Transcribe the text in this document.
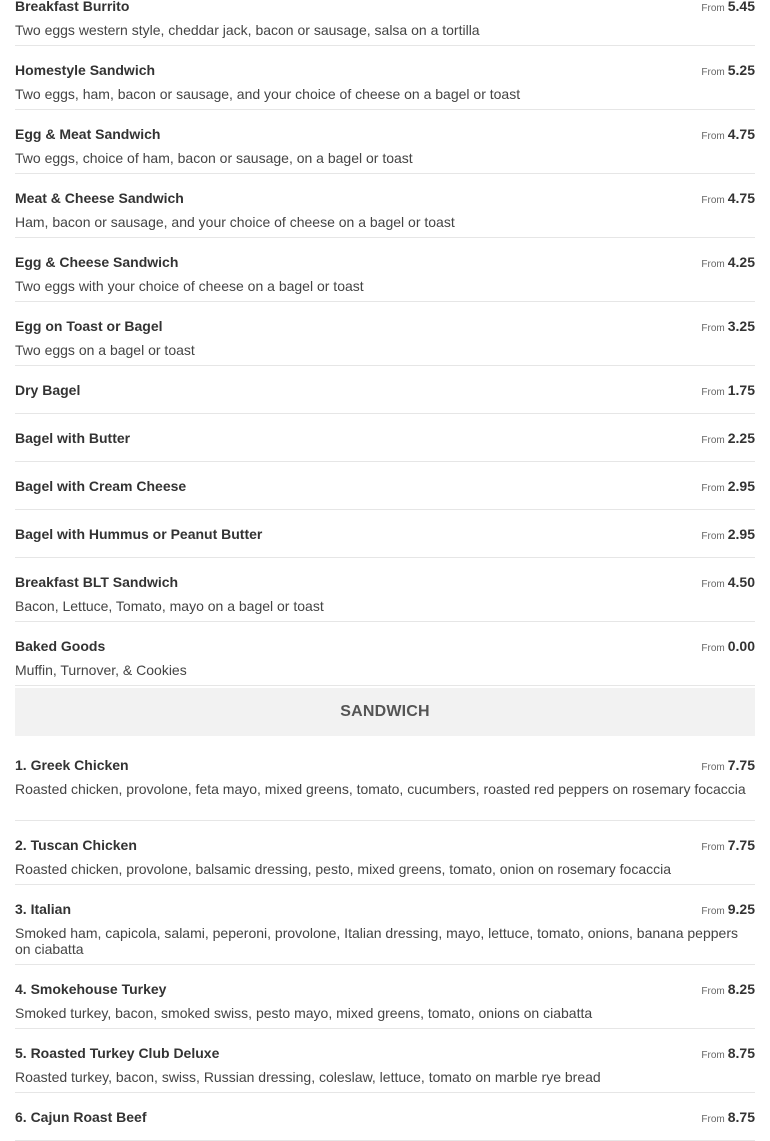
Breakfast Burrito	From 5.45
Two eggs western style, cheddar jack, bacon or sausage, salsa on a tortilla
Homestyle Sandwich	From 5.25
Two eggs, ham, bacon or sausage, and your choice of cheese on a bagel or toast
Egg & Meat Sandwich	From 4.75
Two eggs, choice of ham, bacon or sausage, on a bagel or toast
Meat & Cheese Sandwich	From 4.75
Ham, bacon or sausage, and your choice of cheese on a bagel or toast
Egg & Cheese Sandwich	From 4.25
Two eggs with your choice of cheese on a bagel or toast
Egg on Toast or Bagel	From 3.25
Two eggs on a bagel or toast
Dry Bagel	From 1.75
Bagel with Butter	From 2.25
Bagel with Cream Cheese	From 2.95
Bagel with Hummus or Peanut Butter	From 2.95
Breakfast BLT Sandwich	From 4.50
Bacon, Lettuce, Tomato, mayo on a bagel or toast
Baked Goods	From 0.00
Muffin, Turnover, & Cookies
SANDWICH
1. Greek Chicken	From 7.75
Roasted chicken, provolone, feta mayo, mixed greens, tomato, cucumbers, roasted red peppers on rosemary focaccia
2. Tuscan Chicken	From 7.75
Roasted chicken, provolone, balsamic dressing, pesto, mixed greens, tomato, onion on rosemary focaccia
3. Italian	From 9.25
Smoked ham, capicola, salami, peperoni, provolone, Italian dressing, mayo, lettuce, tomato, onions, banana peppers on ciabatta
4. Smokehouse Turkey	From 8.25
Smoked turkey, bacon, smoked swiss, pesto mayo, mixed greens, tomato, onions on ciabatta
5. Roasted Turkey Club Deluxe	From 8.75
Roasted turkey, bacon, swiss, Russian dressing, coleslaw, lettuce, tomato on marble rye bread
6. Cajun Roast Beef	From 8.75
